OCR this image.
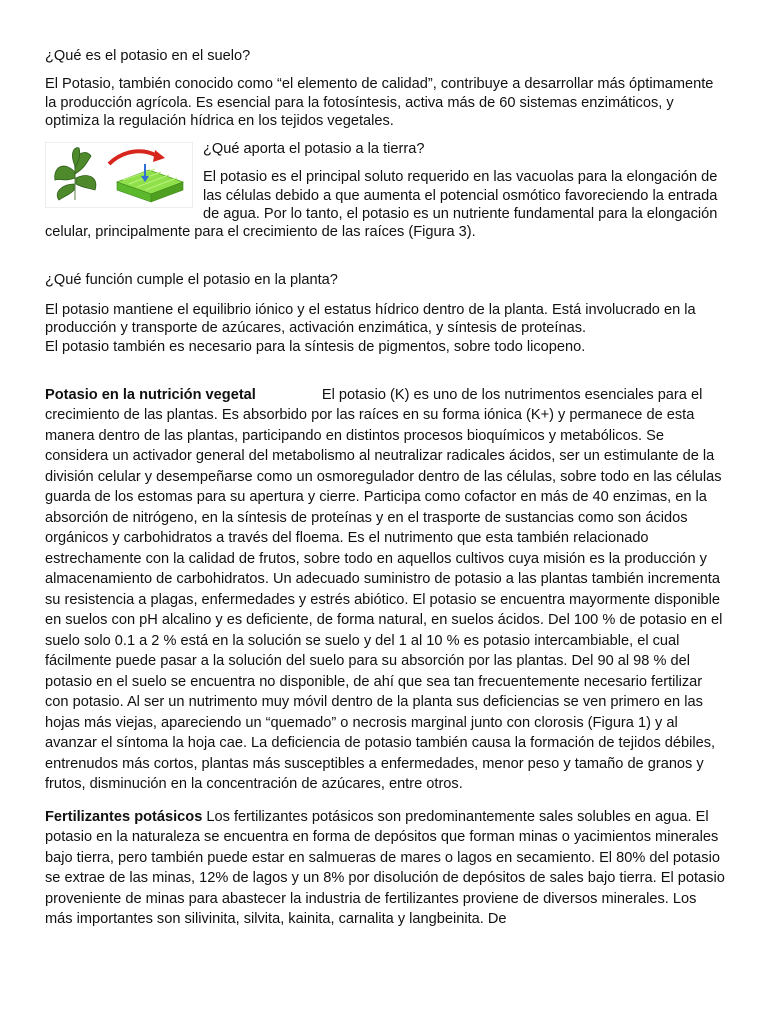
¿Qué es el potasio en el suelo?

El Potasio, también conocido como “el elemento de calidad”, contribuye a desarrollar más óptimamente la producción agrícola. Es esencial para la fotosíntesis, activa más de 60 sistemas enzimáticos, y optimiza la regulación hídrica en los tejidos vegetales.

¿Qué aporta el potasio a la tierra?

El potasio es el principal soluto requerido en las vacuolas para la elongación de las células debido a que aumenta el potencial osmótico favoreciendo la entrada de agua. Por lo tanto, el potasio es un nutriente fundamental para la elongación celular, principalmente para el crecimiento de las raíces (Figura 3).

¿Qué función cumple el potasio en la planta?

El potasio mantiene el equilibrio iónico y el estatus hídrico dentro de la planta. Está involucrado en la producción y transporte de azúcares, activación enzimática, y síntesis de proteínas.

El potasio también es necesario para la síntesis de pigmentos, sobre todo licopeno.

Potasio en la nutrición vegetal	El potasio (K) es uno de los nutrimentos esenciales para el crecimiento de las plantas. Es absorbido por las raíces en su forma iónica (K+) y permanece de esta manera dentro de las plantas, participando en distintos procesos bioquímicos y metabólicos. Se considera un activador general del metabolismo al neutralizar radicales ácidos, ser un estimulante de la división celular y desempeñarse como un osmoregulador dentro de las células, sobre todo en las células guarda de los estomas para su apertura y cierre. Participa como cofactor en más de 40 enzimas, en la absorción de nitrógeno, en la síntesis de proteínas y en el trasporte de sustancias como son ácidos orgánicos y carbohidratos a través del floema. Es el nutrimento que esta también relacionado estrechamente con la calidad de frutos, sobre todo en aquellos cultivos cuya misión es la producción y almacenamiento de carbohidratos. Un adecuado suministro de potasio a las plantas también incrementa su resistencia a plagas, enfermedades y estrés abiótico. El potasio se encuentra mayormente disponible en suelos con pH alcalino y es deficiente, de forma natural, en suelos ácidos. Del 100 % de potasio en el suelo solo 0.1 a 2 % está en la solución se suelo y del 1 al 10 % es potasio intercambiable, el cual fácilmente puede pasar a la solución del suelo para su absorción por las plantas. Del 90 al 98 % del potasio en el suelo se encuentra no disponible, de ahí que sea tan frecuentemente necesario fertilizar con potasio. Al ser un nutrimento muy móvil dentro de la planta sus deficiencias se ven primero en las hojas más viejas, apareciendo un “quemado” o necrosis marginal junto con clorosis (Figura 1) y al avanzar el síntoma la hoja cae. La deficiencia de potasio también causa la formación de tejidos débiles, entrenudos más cortos, plantas más susceptibles a enfermedades, menor peso y tamaño de granos y frutos, disminución en la concentración de azúcares, entre otros.

Fertilizantes potásicos Los fertilizantes potásicos son predominantemente sales solubles en agua. El potasio en la naturaleza se encuentra en forma de depósitos que forman minas o yacimientos minerales bajo tierra, pero también puede estar en salmueras de mares o lagos en secamiento. El 80% del potasio se extrae de las minas, 12% de lagos y un 8% por disolución de depósitos de sales bajo tierra. El potasio proveniente de minas para abastecer la industria de fertilizantes proviene de diversos minerales. Los más importantes son silivinita, silvita, kainita, carnalita y langbeinita. De
